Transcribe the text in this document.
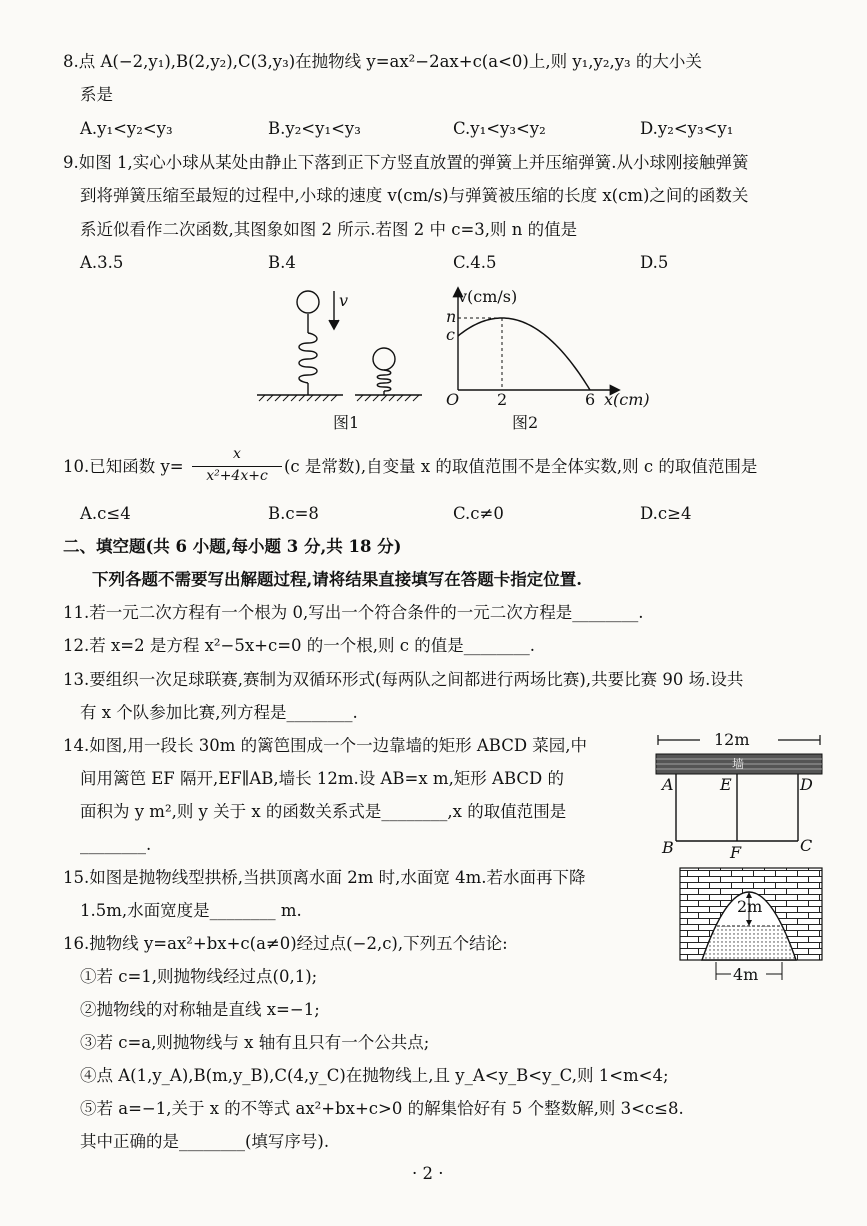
8.点 A(−2,y₁),B(2,y₂),C(3,y₃)在抛物线 y=ax²−2ax+c(a<0)上,则 y₁,y₂,y₃ 的大小关
系是
A.y₁<y₂<y₃	B.y₂<y₁<y₃	C.y₁<y₃<y₂	D.y₂<y₃<y₁
9.如图 1,实心小球从某处由静止下落到正下方竖直放置的弹簧上并压缩弹簧.从小球刚接触弹簧
到将弹簧压缩至最短的过程中,小球的速度 v(cm/s)与弹簧被压缩的长度 x(cm)之间的函数关
系近似看作二次函数,其图象如图 2 所示.若图 2 中 c=3,则 n 的值是
A.3.5	B.4	C.4.5	D.5
v
图1
v(cm/s)
n
c
O 2	6 x(cm)
图2
10.已知函数 y=
x
x²+4x+c (c 是常数),自变量 x 的取值范围不是全体实数,则 c 的取值范围是
A.c≤4	B.c=8	C.c≠0	D.c≥4
二、填空题(共 6 小题,每小题 3 分,共 18 分)
下列各题不需要写出解题过程,请将结果直接填写在答题卡指定位置.
11.若一元二次方程有一个根为 0,写出一个符合条件的一元二次方程是________.
12.若 x=2 是方程 x²−5x+c=0 的一个根,则 c 的值是________.
13.要组织一次足球联赛,赛制为双循环形式(每两队之间都进行两场比赛),共要比赛 90 场.设共
有 x 个队参加比赛,列方程是________.
14.如图,用一段长 30m 的篱笆围成一个一边靠墙的矩形 ABCD 菜园,中
间用篱笆 EF 隔开,EF∥AB,墙长 12m.设 AB=x m,矩形 ABCD 的
面积为 y m²,则 y 关于 x 的函数关系式是________,x 的取值范围是
________.
12m
墙
A	E	D
B	F	C
15.如图是抛物线型拱桥,当拱顶离水面 2m 时,水面宽 4m.若水面再下降
1.5m,水面宽度是________ m.	2m
4m
16.抛物线 y=ax²+bx+c(a≠0)经过点(−2,c),下列五个结论:
①若 c=1,则抛物线经过点(0,1);
②抛物线的对称轴是直线 x=−1;
③若 c=a,则抛物线与 x 轴有且只有一个公共点;
④点 A(1,y_A),B(m,y_B),C(4,y_C)在抛物线上,且 y_A<y_B<y_C,则 1<m<4;
⑤若 a=−1,关于 x 的不等式 ax²+bx+c>0 的解集恰好有 5 个整数解,则 3<c≤8.
其中正确的是________(填写序号).
· 2 ·
